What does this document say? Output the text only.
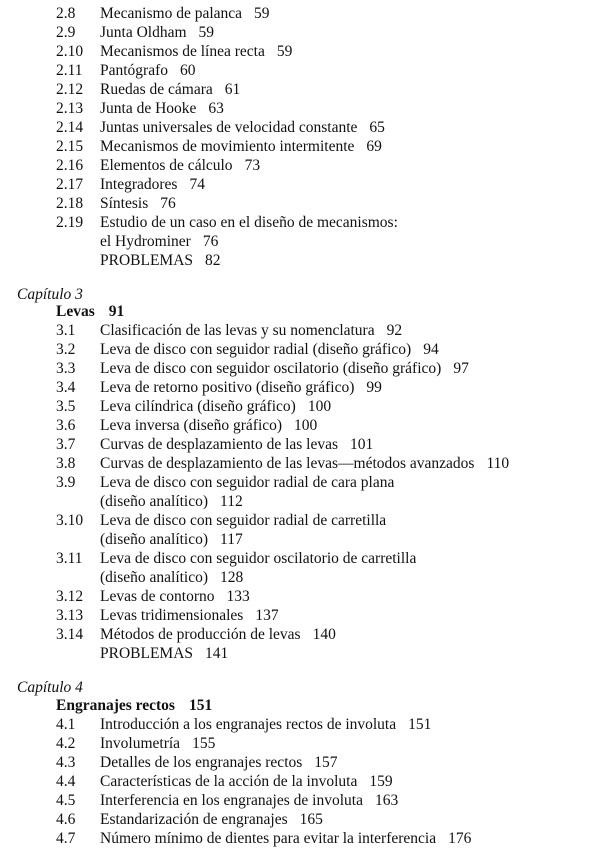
2.8 Mecanismo de palanca 59
2.9 Junta Oldham 59
2.10 Mecanismos de línea recta 59
2.11 Pantógrafo 60
2.12 Ruedas de cámara 61
2.13 Junta de Hooke 63
2.14 Juntas universales de velocidad constante 65
2.15 Mecanismos de movimiento intermitente 69
2.16 Elementos de cálculo 73
2.17 Integradores 74
2.18 Síntesis 76
2.19 Estudio de un caso en el diseño de mecanismos:
el Hydrominer 76
PROBLEMAS 82
Capítulo 3
Levas 91
3.1 Clasificación de las levas y su nomenclatura 92
3.2 Leva de disco con seguidor radial (diseño gráfico) 94
3.3 Leva de disco con seguidor oscilatorio (diseño gráfico) 97
3.4 Leva de retorno positivo (diseño gráfico) 99
3.5 Leva cilíndrica (diseño gráfico) 100
3.6 Leva inversa (diseño gráfico) 100
3.7 Curvas de desplazamiento de las levas 101
3.8 Curvas de desplazamiento de las levas—métodos avanzados 110
3.9 Leva de disco con seguidor radial de cara plana
(diseño analítico) 112
3.10 Leva de disco con seguidor radial de carretilla
(diseño analítico) 117
3.11 Leva de disco con seguidor oscilatorio de carretilla
(diseño analítico) 128
3.12 Levas de contorno 133
3.13 Levas tridimensionales 137
3.14 Métodos de producción de levas 140
PROBLEMAS 141
Capítulo 4
Engranajes rectos 151
4.1 Introducción a los engranajes rectos de involuta 151
4.2 Involumetría 155
4.3 Detalles de los engranajes rectos 157
4.4 Características de la acción de la involuta 159
4.5 Interferencia en los engranajes de involuta 163
4.6 Estandarización de engranajes 165
4.7 Número mínimo de dientes para evitar la interferencia 176
